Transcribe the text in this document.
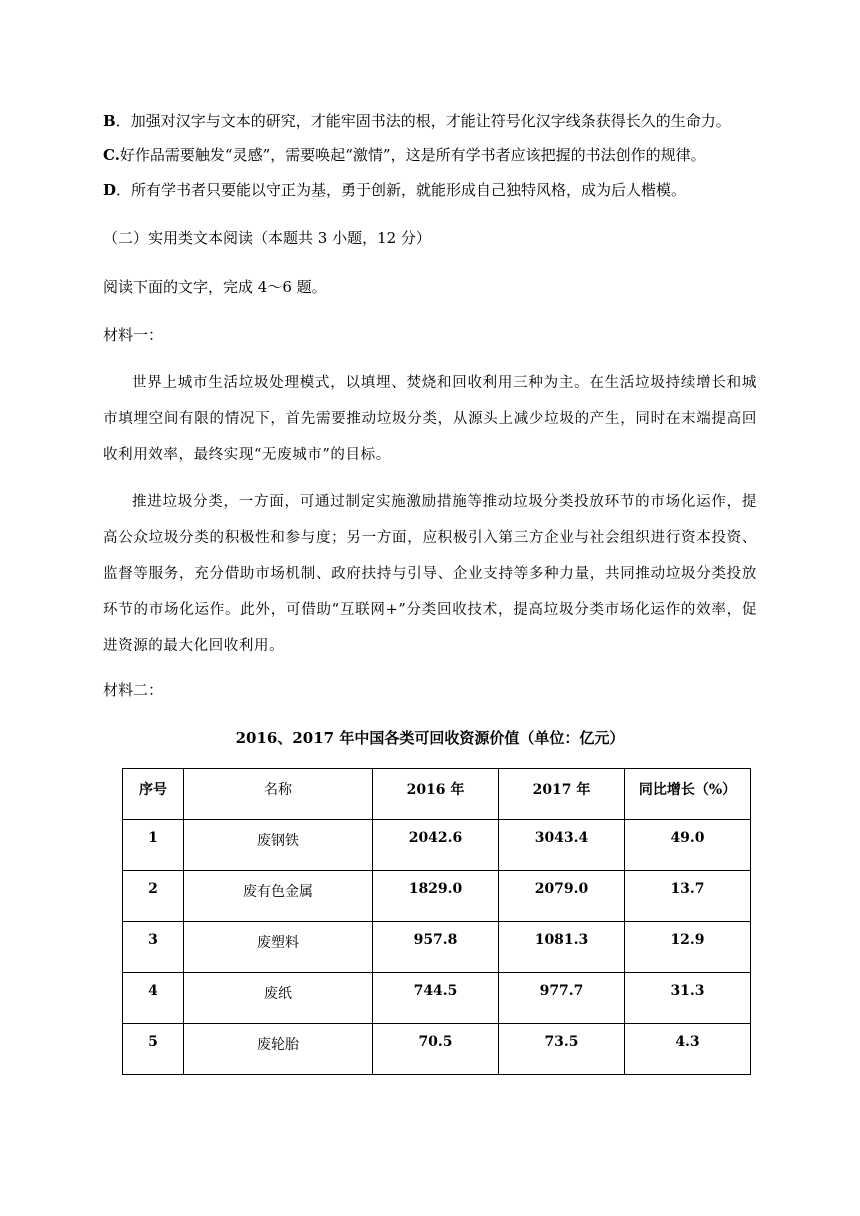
B．加强对汉字与文本的研究，才能牢固书法的根，才能让符号化汉字线条获得长久的生命力。
C.好作品需要触发“灵感”，需要唤起“激情”，这是所有学书者应该把握的书法创作的规律。
D．所有学书者只要能以守正为基，勇于创新，就能形成自己独特风格，成为后人楷模。
（二）实用类文本阅读（本题共 3 小题，12 分）
阅读下面的文字，完成 4～6 题。
材料一：
世界上城市生活垃圾处理模式，以填埋、焚烧和回收利用三种为主。在生活垃圾持续增长和城市填埋空间有限的情况下，首先需要推动垃圾分类，从源头上减少垃圾的产生，同时在末端提高回收利用效率，最终实现“无废城市”的目标。
推进垃圾分类，一方面，可通过制定实施激励措施等推动垃圾分类投放环节的市场化运作，提高公众垃圾分类的积极性和参与度；另一方面，应积极引入第三方企业与社会组织进行资本投资、监督等服务，充分借助市场机制、政府扶持与引导、企业支持等多种力量，共同推动垃圾分类投放环节的市场化运作。此外，可借助“互联网+”分类回收技术，提高垃圾分类市场化运作的效率，促进资源的最大化回收利用。
材料二：
2016、2017 年中国各类可回收资源价值（单位：亿元）
序号	名称	2016 年	2017 年	同比增长（%）
1	废钢铁	2042.6	3043.4	49.0
2	废有色金属	1829.0	2079.0	13.7
3	废塑料	957.8	1081.3	12.9
4	废纸	744.5	977.7	31.3
5	废轮胎	70.5	73.5	4.3
